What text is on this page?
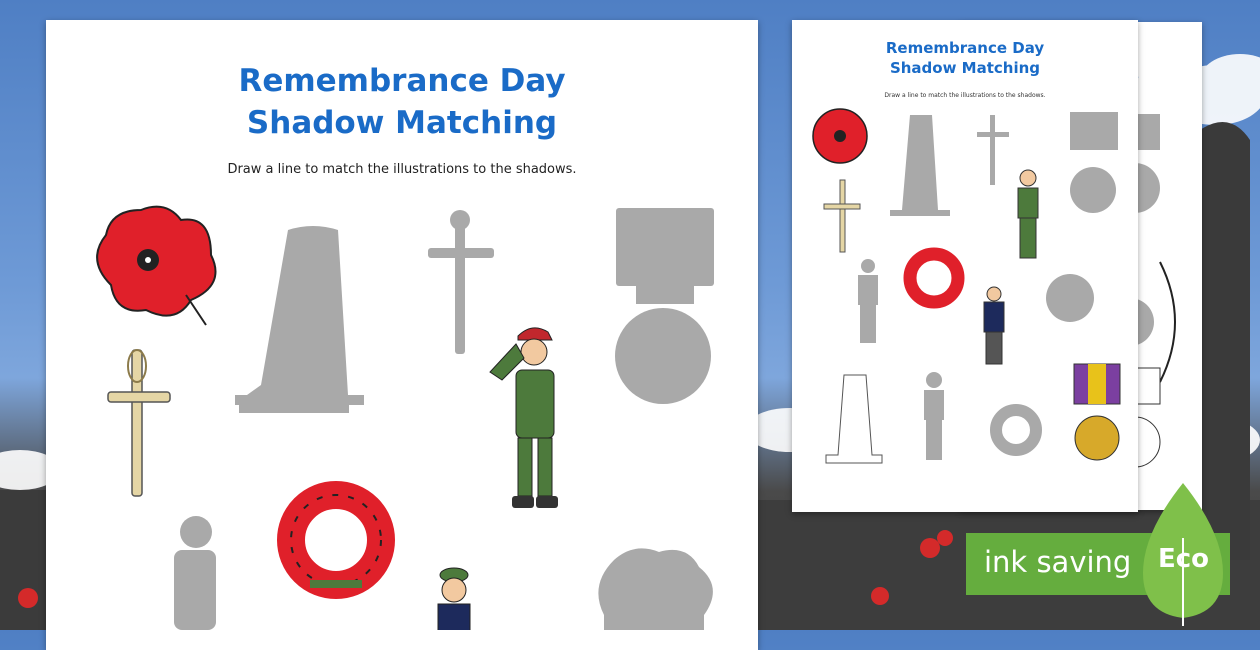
Remembrance Day
Shadow Matching
Draw a line to match the illustrations to the shadows.
Remembrance Day
Shadow Matching
Draw a line to match the illustrations to the shadows.
ink saving Eco
